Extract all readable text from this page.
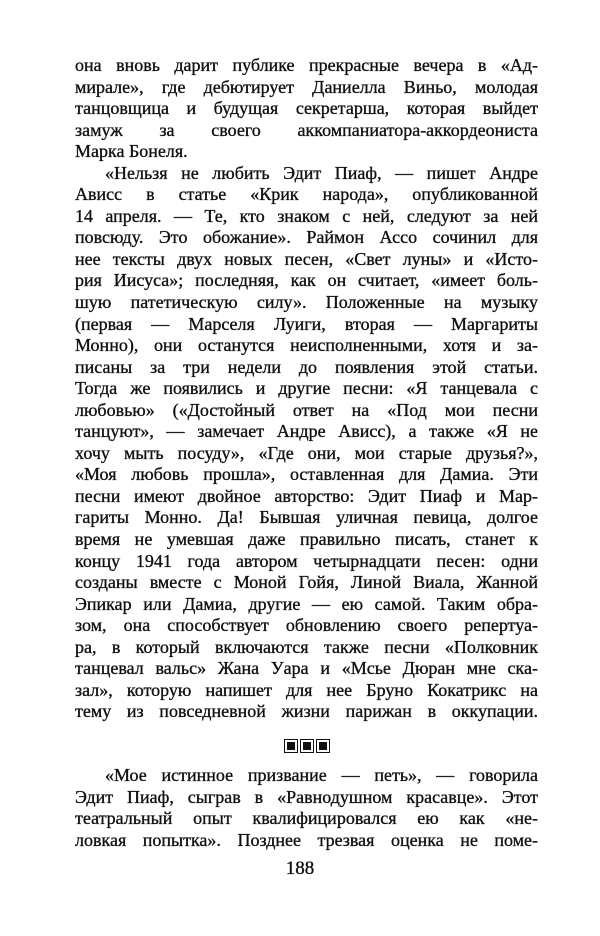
она вновь дарит публике прекрасные вечера в «Ад-
мирале», где дебютирует Даниелла Виньо, молодая
танцовщица и будущая секретарша, которая выйдет
замуж за своего аккомпаниатора-аккордеониста
Марка Бонеля.
«Нельзя не любить Эдит Пиаф, — пишет Андре
Ависс в статье «Крик народа», опубликованной
14 апреля. — Те, кто знаком с ней, следуют за ней
повсюду. Это обожание». Раймон Ассо сочинил для
нее тексты двух новых песен, «Свет луны» и «Исто-
рия Иисуса»; последняя, как он считает, «имеет боль-
шую патетическую силу». Положенные на музыку
(первая — Марселя Луиги, вторая — Маргариты
Монно), они останутся неисполненными, хотя и за-
писаны за три недели до появления этой статьи.
Тогда же появились и другие песни: «Я танцевала с
любовью» («Достойный ответ на «Под мои песни
танцуют», — замечает Андре Ависс), а также «Я не
хочу мыть посуду», «Где они, мои старые друзья?»,
«Моя любовь прошла», оставленная для Дамиа. Эти
песни имеют двойное авторство: Эдит Пиаф и Мар-
гариты Монно. Да! Бывшая уличная певица, долгое
время не умевшая даже правильно писать, станет к
концу 1941 года автором четырнадцати песен: одни
созданы вместе с Моной Гойя, Линой Виала, Жанной
Эпикар или Дамиа, другие — ею самой. Таким обра-
зом, она способствует обновлению своего репертуа-
ра, в который включаются также песни «Полковник
танцевал вальс» Жана Уара и «Мсье Дюран мне ска-
зал», которую напишет для нее Бруно Кокатрикс на
тему из повседневной жизни парижан в оккупации.
«Мое истинное призвание — петь», — говорила
Эдит Пиаф, сыграв в «Равнодушном красавце». Этот
театральный опыт квалифицировался ею как «не-
ловкая попытка». Позднее трезвая оценка не поме-
188
